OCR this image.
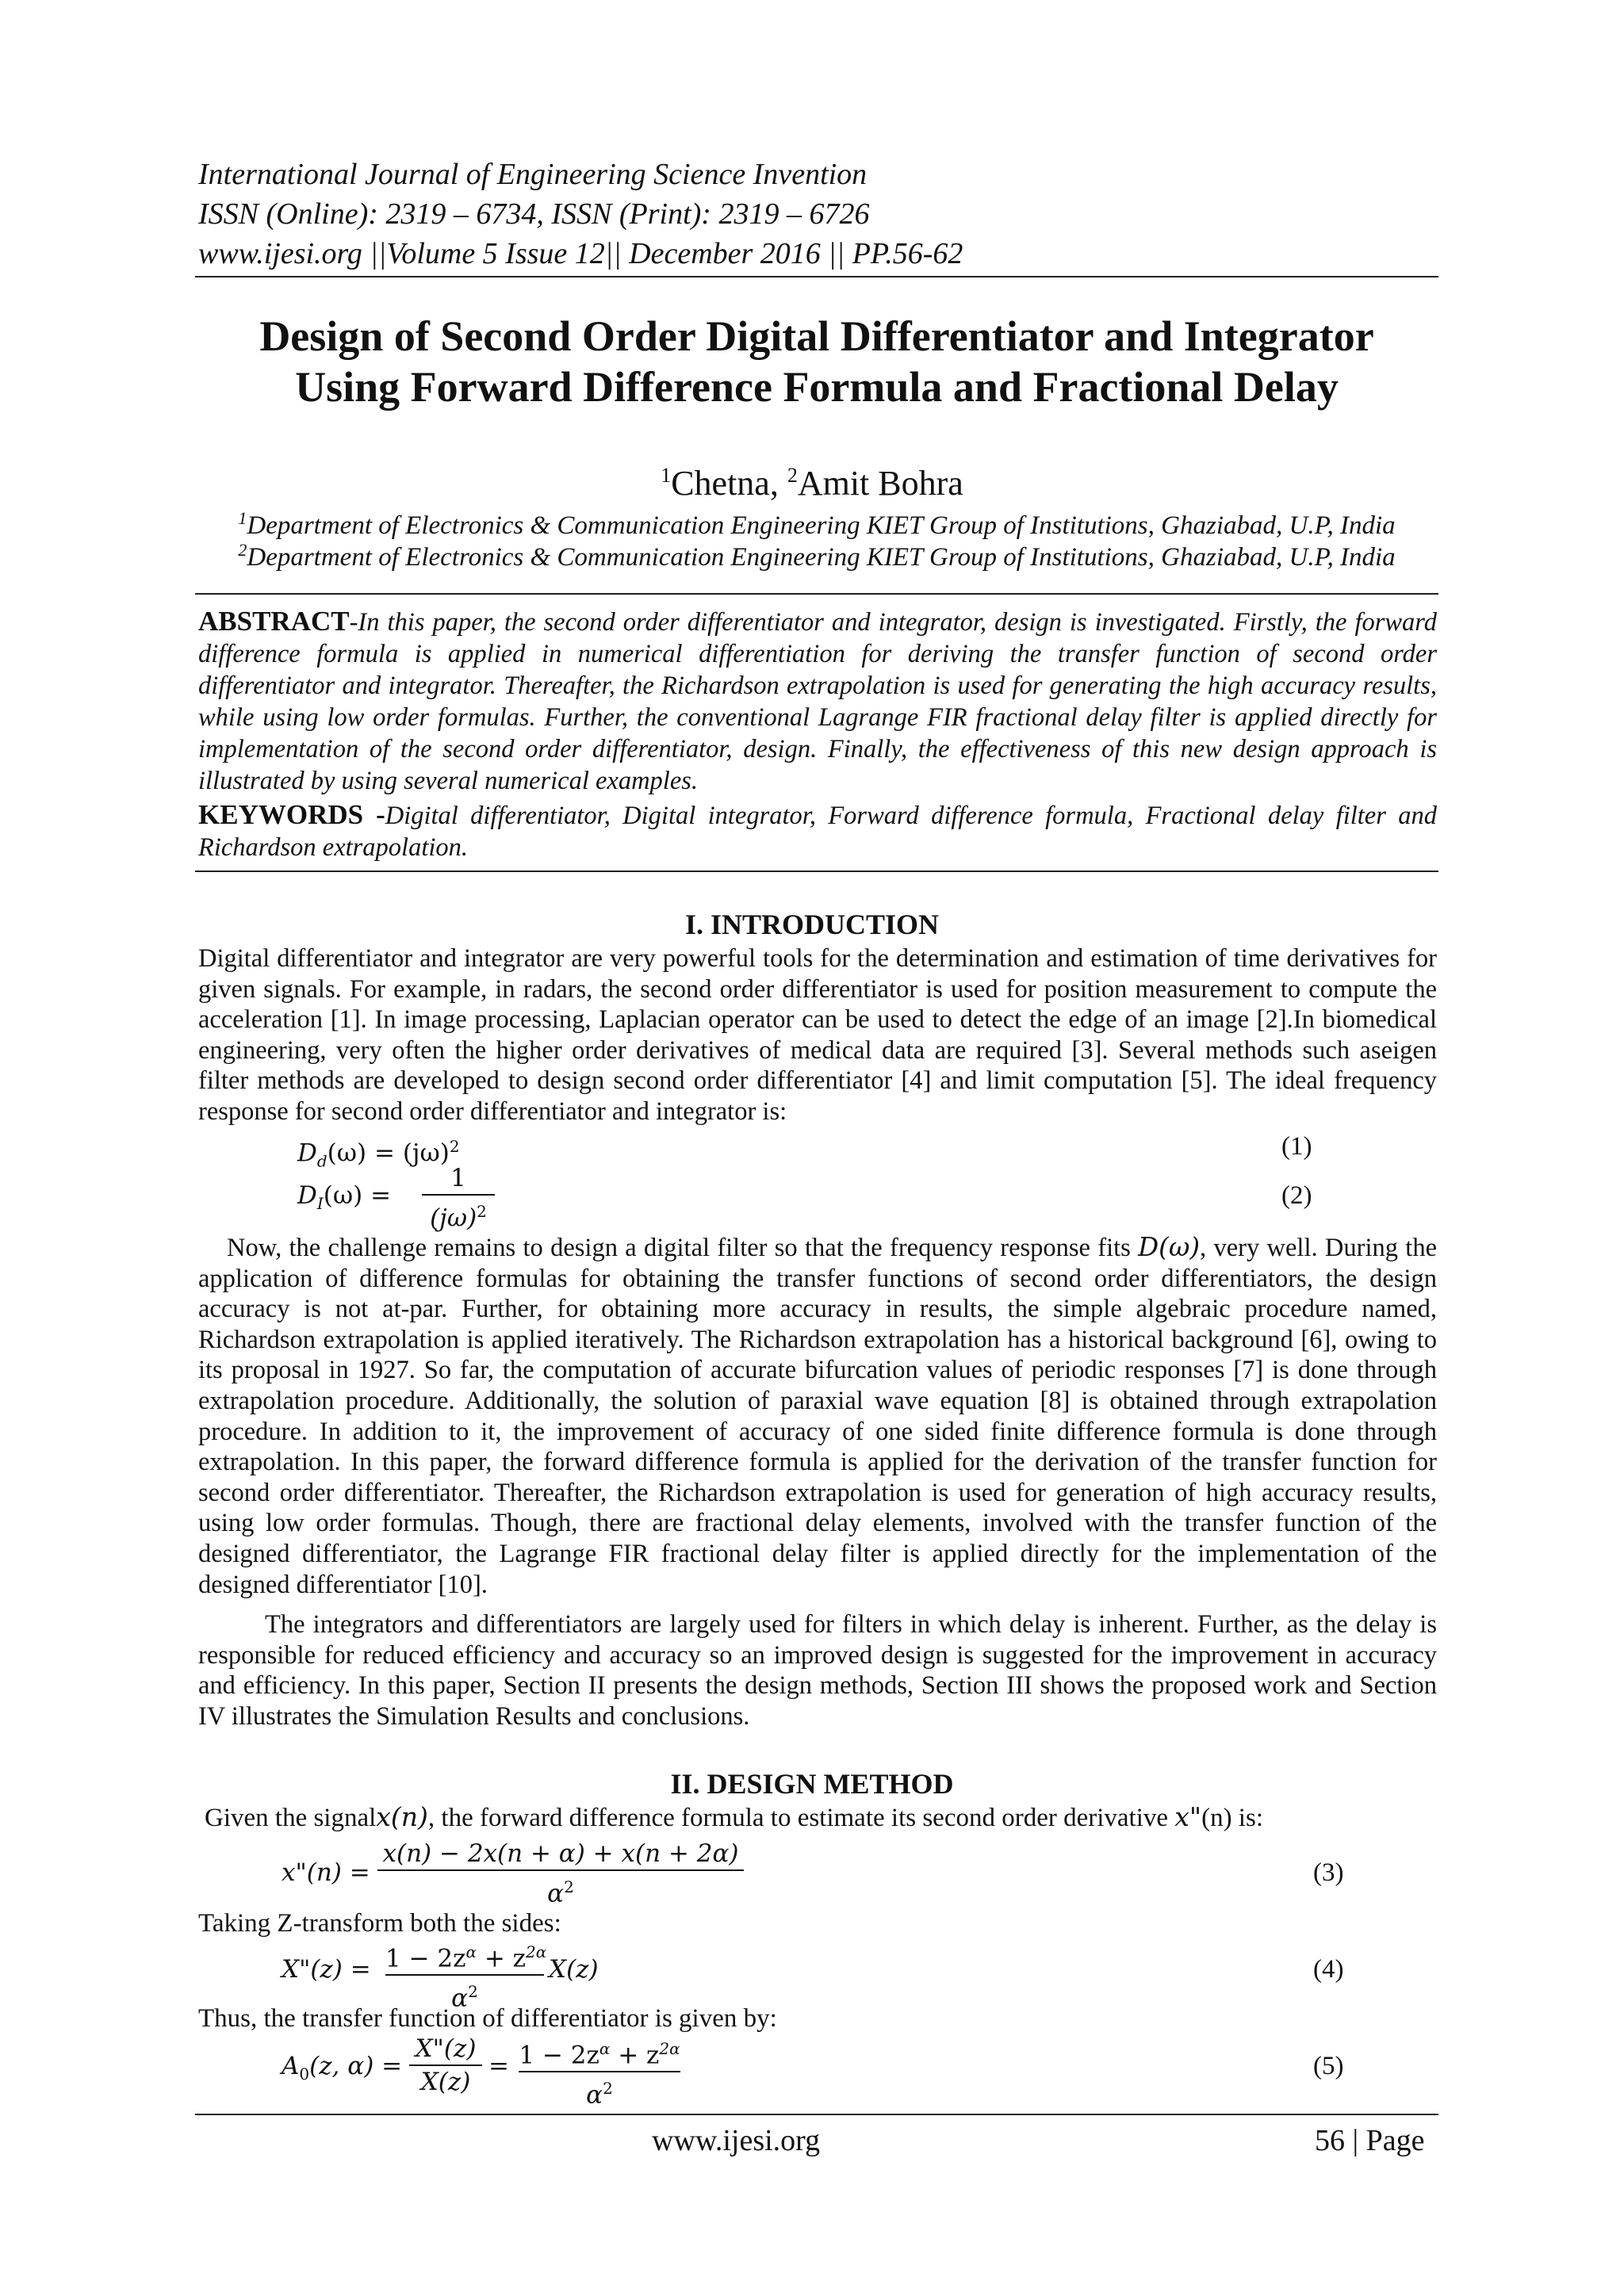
International Journal of Engineering Science Invention
ISSN (Online): 2319 – 6734, ISSN (Print): 2319 – 6726
www.ijesi.org ||Volume 5 Issue 12|| December 2016 || PP.56-62
Design of Second Order Digital Differentiator and Integrator
Using Forward Difference Formula and Fractional Delay
$^1$Chetna, $^2$Amit Bohra
$^1$Department of Electronics & Communication Engineering KIET Group of Institutions, Ghaziabad, U.P, India
$^2$Department of Electronics & Communication Engineering KIET Group of Institutions, Ghaziabad, U.P, India
ABSTRACT-In this paper, the second order differentiator and integrator, design is investigated. Firstly, the forward difference formula is applied in numerical differentiation for deriving the transfer function of second order differentiator and integrator. Thereafter, the Richardson extrapolation is used for generating the high accuracy results, while using low order formulas. Further, the conventional Lagrange FIR fractional delay filter is applied directly for implementation of the second order differentiator, design. Finally, the effectiveness of this new design approach is illustrated by using several numerical examples.
KEYWORDS -Digital differentiator, Digital integrator, Forward difference formula, Fractional delay filter and Richardson extrapolation.
I. INTRODUCTION
Digital differentiator and integrator are very powerful tools for the determination and estimation of time derivatives for given signals. For example, in radars, the second order differentiator is used for position measurement to compute the acceleration [1]. In image processing, Laplacian operator can be used to detect the edge of an image [2].In biomedical engineering, very often the higher order derivatives of medical data are required [3]. Several methods such aseigen filter methods are developed to design second order differentiator [4] and limit computation [5]. The ideal frequency response for second order differentiator and integrator is:
$D_d(\omega) = (j\omega)^2$	(1)
$D_I(\omega)$ =
1
$(j\omega)^2$
(2)
Now, the challenge remains to design a digital filter so that the frequency response fits D(ω), very well. During the application of difference formulas for obtaining the transfer functions of second order differentiators, the design accuracy is not at-par. Further, for obtaining more accuracy in results, the simple algebraic procedure named, Richardson extrapolation is applied iteratively. The Richardson extrapolation has a historical background [6], owing to its proposal in 1927. So far, the computation of accurate bifurcation values of periodic responses [7] is done through extrapolation procedure. Additionally, the solution of paraxial wave equation [8] is obtained through extrapolation procedure. In addition to it, the improvement of accuracy of one sided finite difference formula is done through extrapolation. In this paper, the forward difference formula is applied for the derivation of the transfer function for second order differentiator. Thereafter, the Richardson extrapolation is used for generation of high accuracy results, using low order formulas. Though, there are fractional delay elements, involved with the transfer function of the designed differentiator, the Lagrange FIR fractional delay filter is applied directly for the implementation of the designed differentiator [10].
The integrators and differentiators are largely used for filters in which delay is inherent. Further, as the delay is responsible for reduced efficiency and accuracy so an improved design is suggested for the improvement in accuracy and efficiency. In this paper, Section II presents the design methods, Section III shows the proposed work and Section IV illustrates the Simulation Results and conclusions.
II. DESIGN METHOD
Given the signalx(n), the forward difference formula to estimate its second order derivative x"(n) is:
x"(n) =
x(n) − 2x(n + α) + x(n + 2α)
$\alpha^2$	(3)
Taking Z-transform both the sides:
X"(z) = $1 - 2z^\alpha + z^{2\alpha}$
$\alpha^2$
X(z)	(4)
Thus, the transfer function of differentiator is given by:
$A_0(z$, α) =
X"(z)
X(z)
= $1 - 2z^\alpha + z^{2\alpha}$
$\alpha^2$
(5)
www.ijesi.org	56 | Page
